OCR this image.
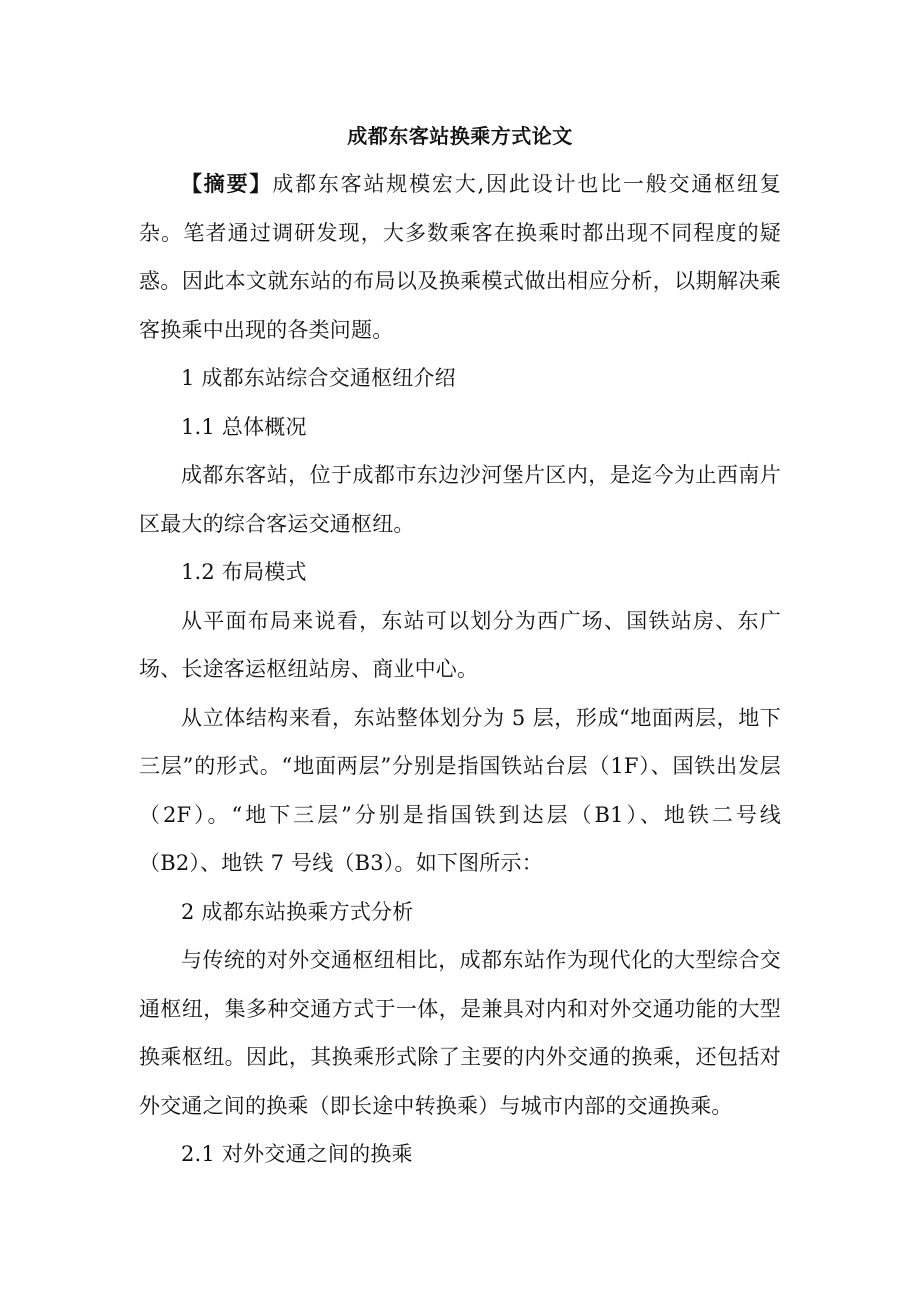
成都东客站换乘方式论文

【摘要】成都东客站规模宏大,因此设计也比一般交通枢纽复杂。笔者通过调研发现，大多数乘客在换乘时都出现不同程度的疑惑。因此本文就东站的布局以及换乘模式做出相应分析，以期解决乘客换乘中出现的各类问题。

1 成都东站综合交通枢纽介绍

1.1 总体概况

成都东客站，位于成都市东边沙河堡片区内，是迄今为止西南片区最大的综合客运交通枢纽。

1.2 布局模式

从平面布局来说看，东站可以划分为西广场、国铁站房、东广场、长途客运枢纽站房、商业中心。

从立体结构来看，东站整体划分为 5 层，形成“地面两层，地下三层”的形式。“地面两层”分别是指国铁站台层（1F）、国铁出发层（2F）。“地下三层”分别是指国铁到达层（B1）、地铁二号线（B2）、地铁 7 号线（B3）。如下图所示：

2 成都东站换乘方式分析

与传统的对外交通枢纽相比，成都东站作为现代化的大型综合交通枢纽，集多种交通方式于一体，是兼具对内和对外交通功能的大型换乘枢纽。因此，其换乘形式除了主要的内外交通的换乘，还包括对外交通之间的换乘（即长途中转换乘）与城市内部的交通换乘。

2.1 对外交通之间的换乘
